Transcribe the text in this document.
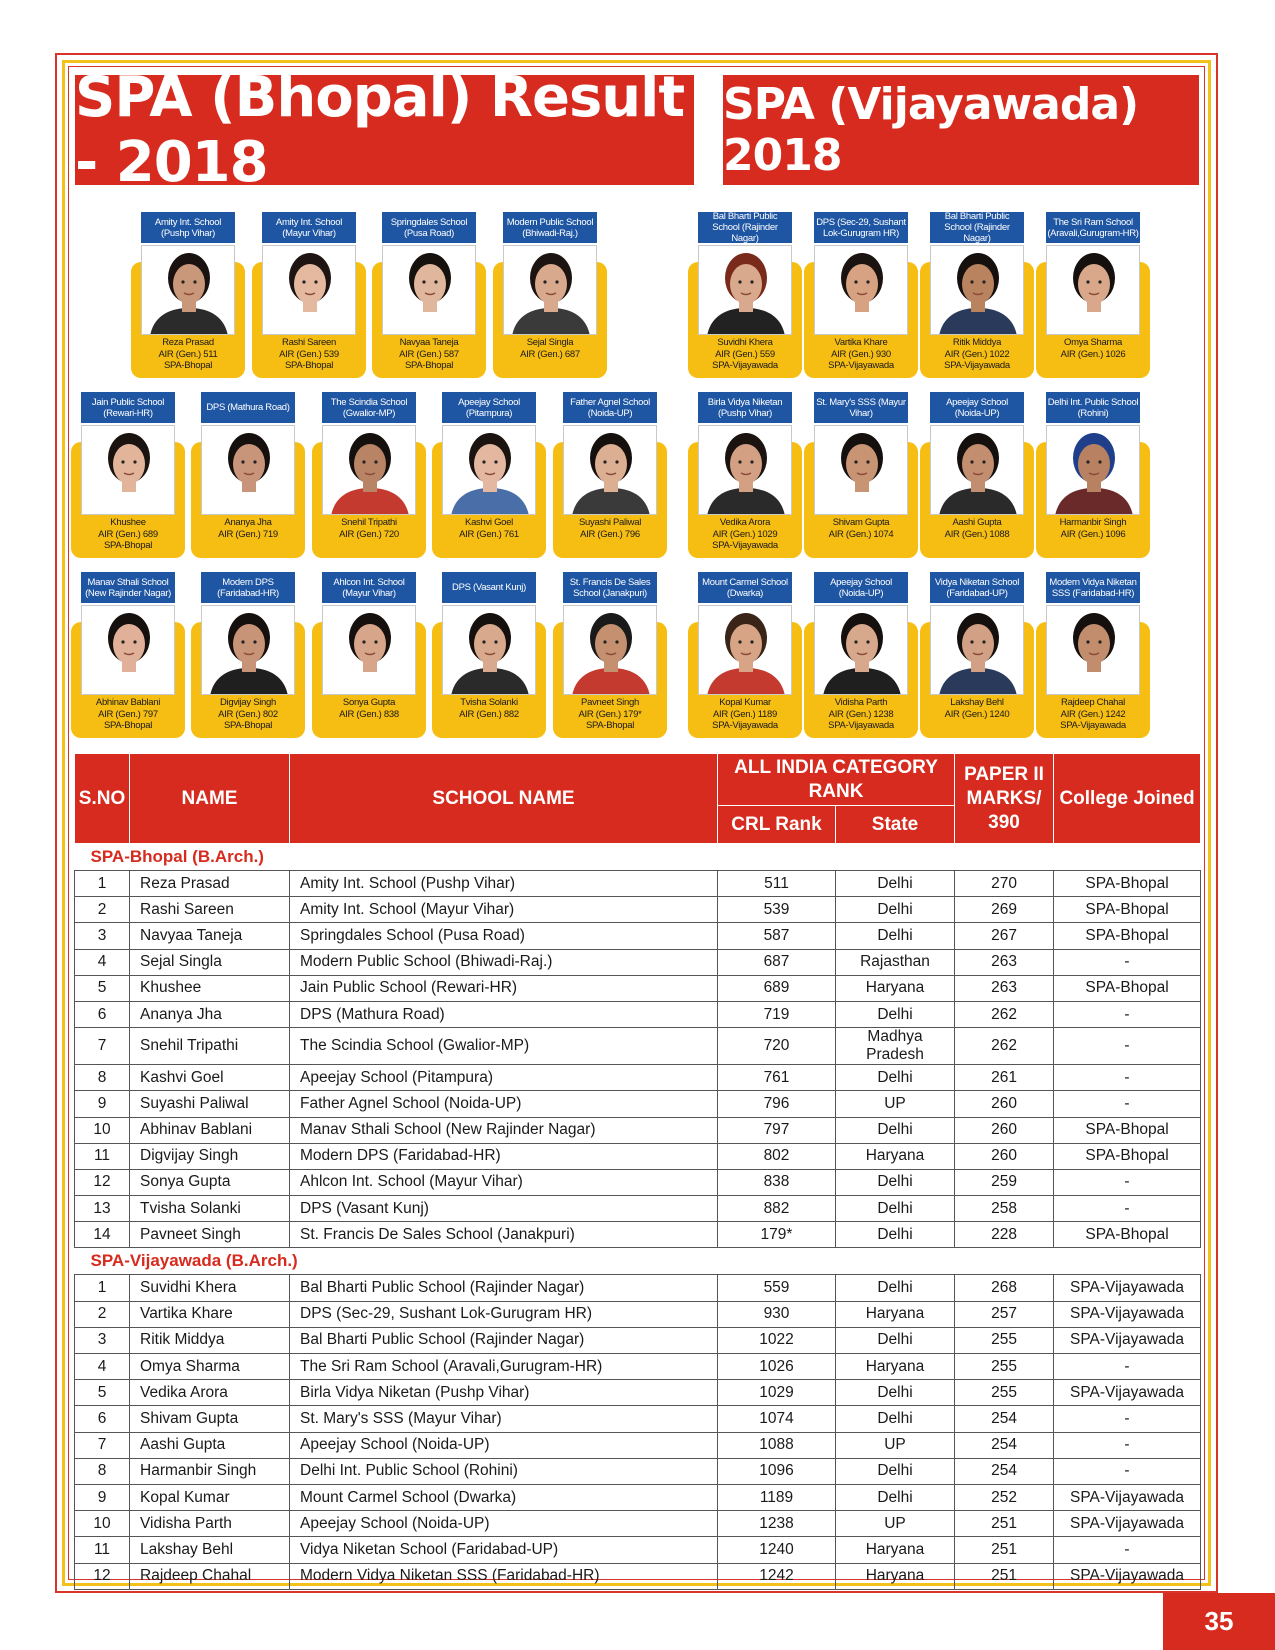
SPA (Bhopal) Result - 2018
SPA (Vijayawada) 2018
Amity Int. School (Pushp Vihar)
Reza Prasad
AIR (Gen.) 511
SPA-Bhopal
Amity Int. School (Mayur Vihar)
Rashi Sareen
AIR (Gen.) 539
SPA-Bhopal
Springdales School (Pusa Road)
Navyaa Taneja
AIR (Gen.) 587
SPA-Bhopal
Modern Public School (Bhiwadi-Raj.)
Sejal Singla
AIR (Gen.) 687
Bal Bharti Public School (Rajinder Nagar)
Suvidhi Khera
AIR (Gen.) 559
SPA-Vijayawada
DPS (Sec-29, Sushant Lok-Gurugram HR)
Vartika Khare
AIR (Gen.) 930
SPA-Vijayawada
Bal Bharti Public School (Rajinder Nagar)
Ritik Middya
AIR (Gen.) 1022
SPA-Vijayawada
The Sri Ram School (Aravali,Gurugram-HR)
Omya Sharma
AIR (Gen.) 1026
Jain Public School (Rewari-HR)
Khushee
AIR (Gen.) 689
SPA-Bhopal
DPS (Mathura Road)
Ananya Jha
AIR (Gen.) 719
The Scindia School (Gwalior-MP)
Snehil Tripathi
AIR (Gen.) 720
Apeejay School (Pitampura)
Kashvi Goel
AIR (Gen.) 761
Father Agnel School (Noida-UP)
Suyashi Paliwal
AIR (Gen.) 796
Birla Vidya Niketan (Pushp Vihar)
Vedika Arora
AIR (Gen.) 1029
SPA-Vijayawada
St. Mary's SSS (Mayur Vihar)
Shivam Gupta
AIR (Gen.) 1074
Apeejay School (Noida-UP)
Aashi Gupta
AIR (Gen.) 1088
Delhi Int. Public School (Rohini)
Harmanbir Singh
AIR (Gen.) 1096
Manav Sthali School (New Rajinder Nagar)
Abhinav Bablani
AIR (Gen.) 797
SPA-Bhopal
Modern DPS (Faridabad-HR)
Digvijay Singh
AIR (Gen.) 802
SPA-Bhopal
Ahlcon Int. School (Mayur Vihar)
Sonya Gupta
AIR (Gen.) 838
DPS (Vasant Kunj)
Tvisha Solanki
AIR (Gen.) 882
St. Francis De Sales School (Janakpuri)
Pavneet Singh
AIR (Gen.) 179*
SPA-Bhopal
Mount Carmel School (Dwarka)
Kopal Kumar
AIR (Gen.) 1189
SPA-Vijayawada
Apeejay School (Noida-UP)
Vidisha Parth
AIR (Gen.) 1238
SPA-Vijayawada
Vidya Niketan School (Faridabad-UP)
Lakshay Behl
AIR (Gen.) 1240
Modern Vidya Niketan SSS (Faridabad-HR)
Rajdeep Chahal
AIR (Gen.) 1242
SPA-Vijayawada
S.NO	NAME	SCHOOL NAME	ALL INDIA CATEGORY RANK		PAPER II MARKS/ 390	College Joined
			CRL Rank	State		
SPA-Bhopal (B.Arch.)						
1	Reza Prasad	Amity Int. School (Pushp Vihar)	511	Delhi	270	SPA-Bhopal
2	Rashi Sareen	Amity Int. School (Mayur Vihar)	539	Delhi	269	SPA-Bhopal
3	Navyaa Taneja	Springdales School (Pusa Road)	587	Delhi	267	SPA-Bhopal
4	Sejal Singla	Modern Public School (Bhiwadi-Raj.)	687	Rajasthan	263	-
5	Khushee	Jain Public School (Rewari-HR)	689	Haryana	263	SPA-Bhopal
6	Ananya Jha	DPS (Mathura Road)	719	Delhi	262	-
7	Snehil Tripathi	The Scindia School (Gwalior-MP)	720	Madhya Pradesh	262	-
8	Kashvi Goel	Apeejay School (Pitampura)	761	Delhi	261	-
9	Suyashi Paliwal	Father Agnel School (Noida-UP)	796	UP	260	-
10	Abhinav Bablani	Manav Sthali School (New Rajinder Nagar)	797	Delhi	260	SPA-Bhopal
11	Digvijay Singh	Modern DPS (Faridabad-HR)	802	Haryana	260	SPA-Bhopal
12	Sonya Gupta	Ahlcon Int. School (Mayur Vihar)	838	Delhi	259	-
13	Tvisha Solanki	DPS (Vasant Kunj)	882	Delhi	258	-
14	Pavneet Singh	St. Francis De Sales School (Janakpuri)	179*	Delhi	228	SPA-Bhopal
SPA-Vijayawada (B.Arch.)						
1	Suvidhi Khera	Bal Bharti Public School (Rajinder Nagar)	559	Delhi	268	SPA-Vijayawada
2	Vartika Khare	DPS (Sec-29, Sushant Lok-Gurugram HR)	930	Haryana	257	SPA-Vijayawada
3	Ritik Middya	Bal Bharti Public School (Rajinder Nagar)	1022	Delhi	255	SPA-Vijayawada
4	Omya Sharma	The Sri Ram School (Aravali,Gurugram-HR)	1026	Haryana	255	-
5	Vedika Arora	Birla Vidya Niketan (Pushp Vihar)	1029	Delhi	255	SPA-Vijayawada
6	Shivam Gupta	St. Mary's SSS (Mayur Vihar)	1074	Delhi	254	-
7	Aashi Gupta	Apeejay School (Noida-UP)	1088	UP	254	-
8	Harmanbir Singh	Delhi Int. Public School (Rohini)	1096	Delhi	254	-
9	Kopal Kumar	Mount Carmel School (Dwarka)	1189	Delhi	252	SPA-Vijayawada
10	Vidisha Parth	Apeejay School (Noida-UP)	1238	UP	251	SPA-Vijayawada
11	Lakshay Behl	Vidya Niketan School (Faridabad-UP)	1240	Haryana	251	-
12	Rajdeep Chahal	Modern Vidya Niketan SSS (Faridabad-HR)	1242	Haryana	251	SPA-Vijayawada
35
